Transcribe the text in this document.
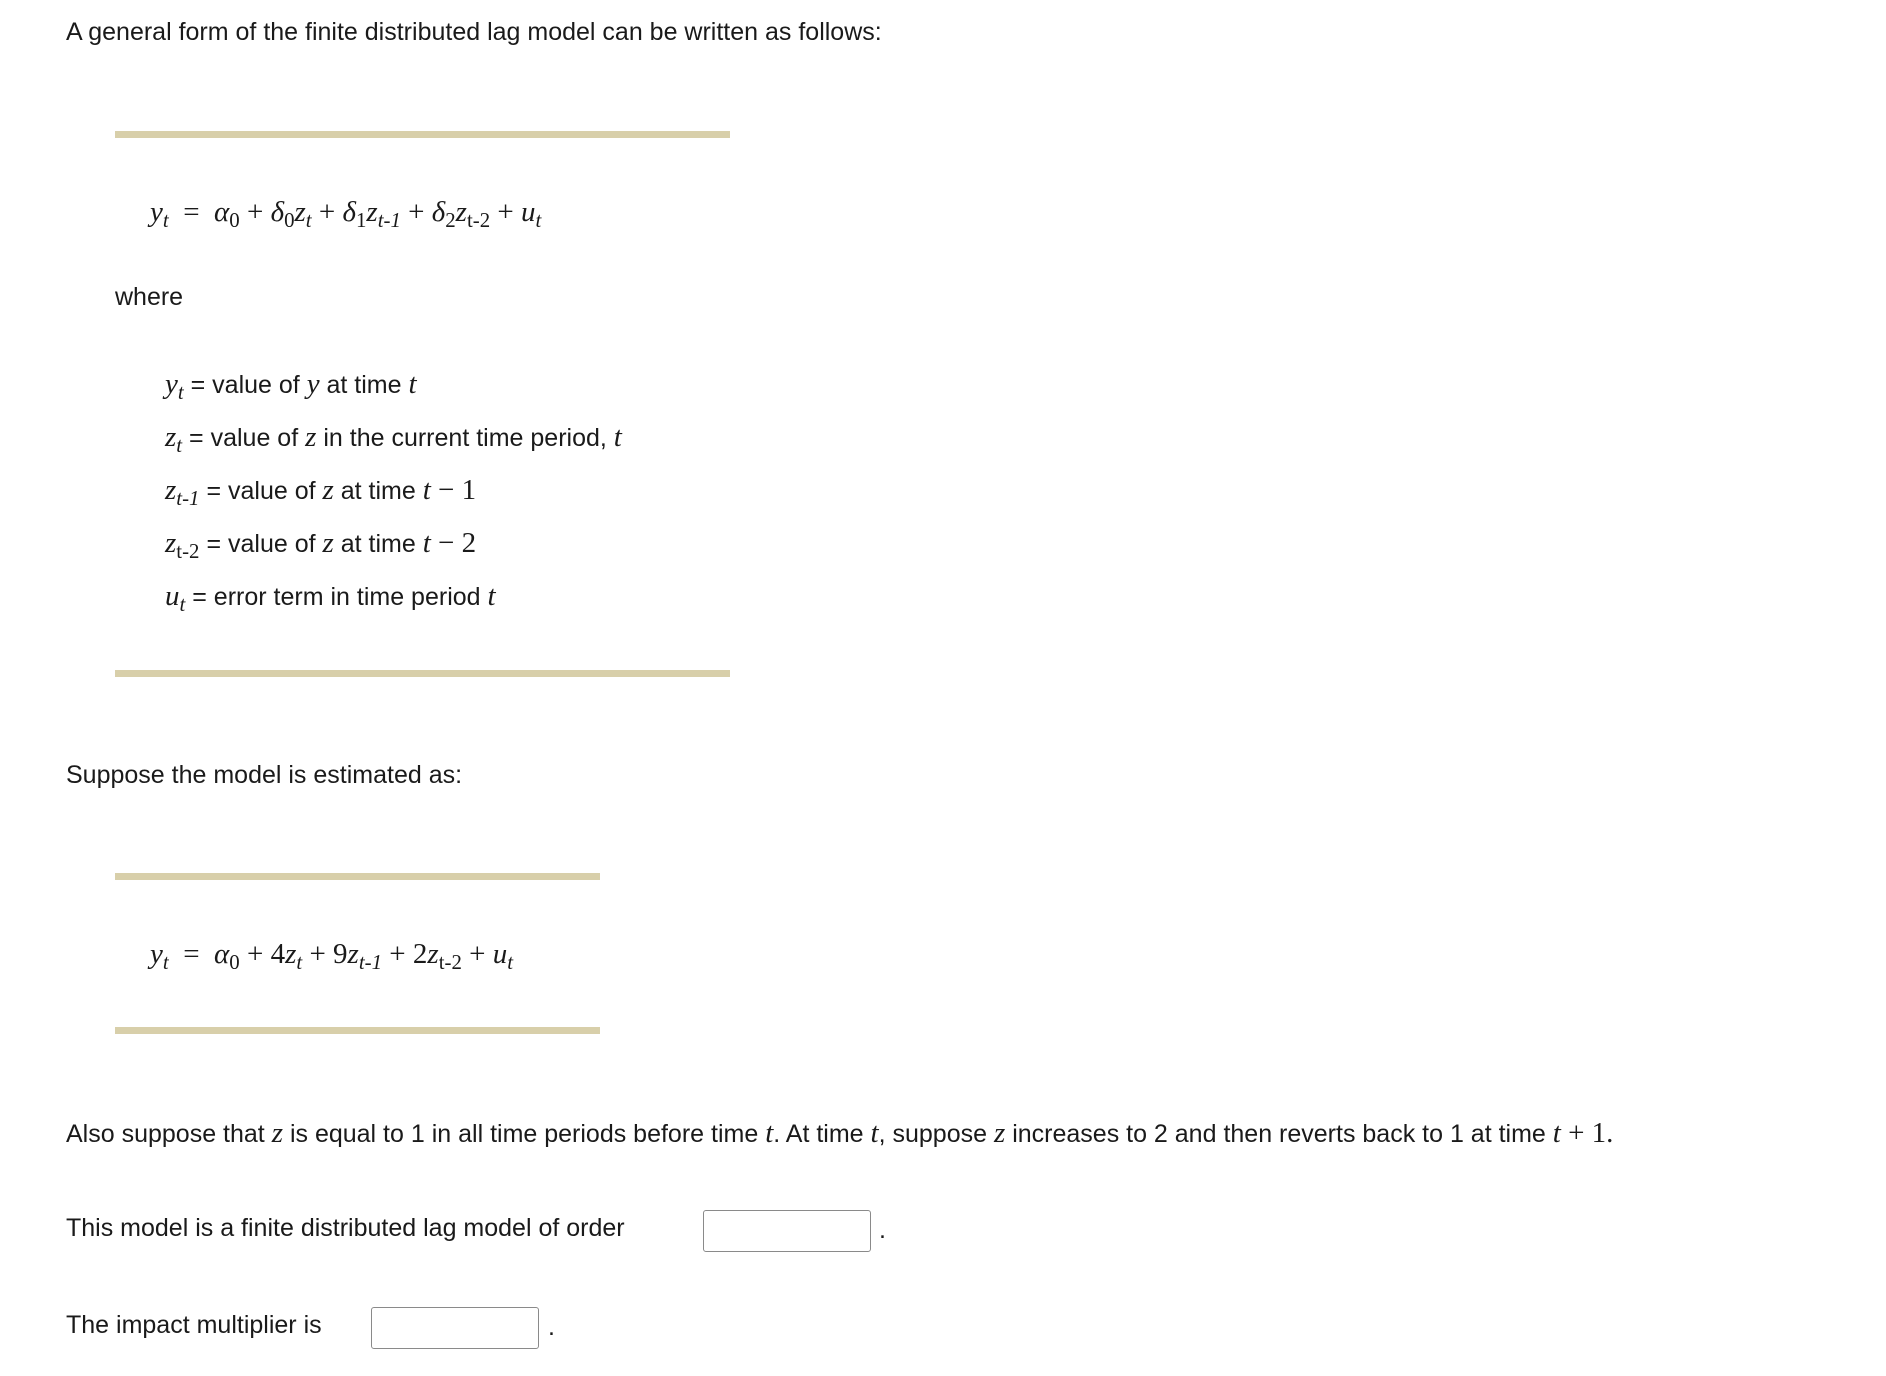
A general form of the finite distributed lag model can be written as follows:
$y_t = \alpha_0 + \delta_0z_t + \delta_1z_{t-1} + \delta_2z_{t-2} + u_t$
where
$y_t$ = value of y at time t
$z_t$ = value of z in the current time period, t
$z_{t-1}$ = value of z at time t − 1
$z_{t-2}$ = value of z at time t − 2
$u_t$ = error term in time period t
Suppose the model is estimated as:
$y_t = \alpha_0 + 4z_t + 9z_{t-1} + 2z_{t-2} + u_t$
Also suppose that z is equal to 1 in all time periods before time t. At time t, suppose z increases to 2 and then reverts back to 1 at time t + 1.
This model is a finite distributed lag model of order	.
The impact multiplier is	.
